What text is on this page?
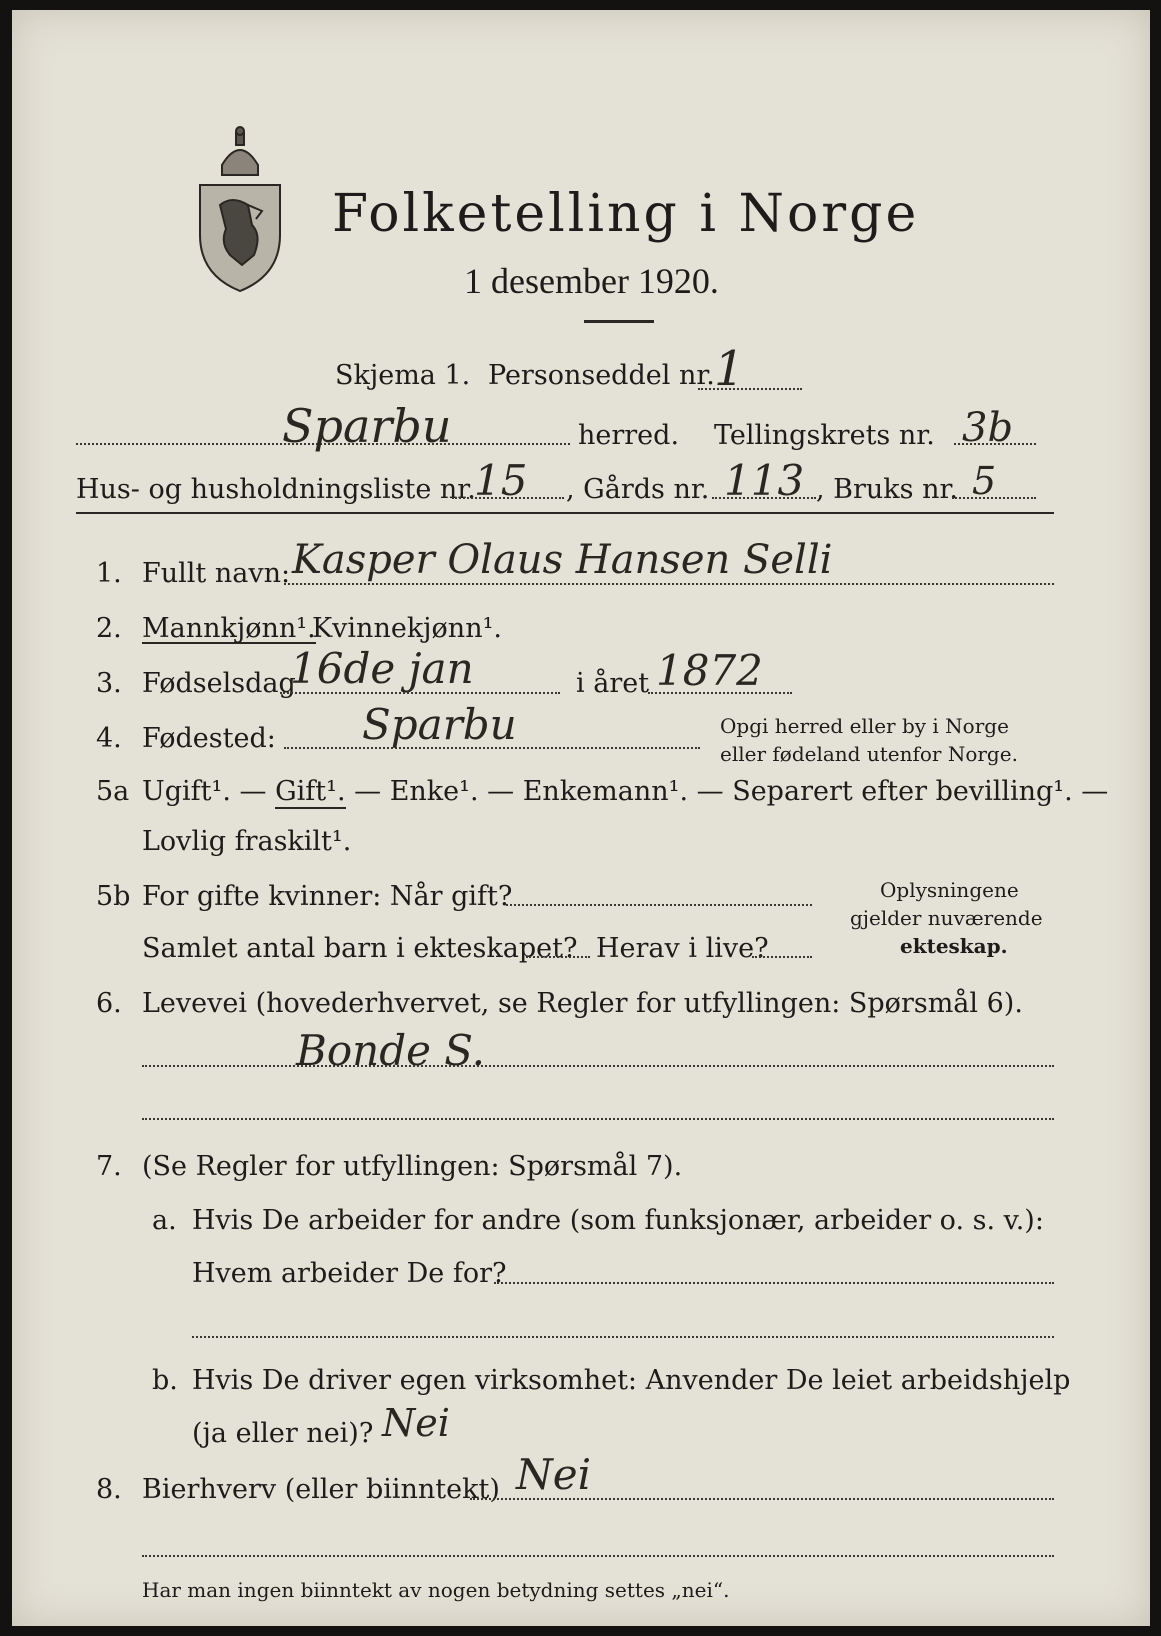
Folketelling i Norge
1 desember 1920.
Skjema 1. Personseddel nr. 1
Sparbu	herred. Tellingskrets nr. 3b
Hus- og husholdningsliste nr.
15 , Gårds nr. 113 , Bruks nr. 5
1. Fullt navn: Kasper Olaus Hansen Selli
2. Mannkjønn¹.
Kvinnekjønn¹.
3. Fødselsdag
16de jan	i året 1872
4. Fødested: Sparbu	Opgi herred eller by i Norge
eller fødeland utenfor Norge.
5a Ugift¹. — Gift¹. — Enke¹. — Enkemann¹. — Separert efter bevilling¹. —
Lovlig fraskilt¹.
5b For gifte kvinner: Når gift?
Samlet antal barn i ekteskapet? Herav i live?
Oplysningene
gjelder nuværende
ekteskap.
6. Levevei (hovederhvervet, se Regler for utfyllingen: Spørsmål 6).
Bonde S.
7. (Se Regler for utfyllingen: Spørsmål 7).
a. Hvis De arbeider for andre (som funksjonær, arbeider o. s. v.):
Hvem arbeider De for?
b. Hvis De driver egen virksomhet: Anvender De leiet arbeidshjelp
(ja eller nei)? Nei
8. Bierhverv (eller biinntekt) Nei
Har man ingen biinntekt av nogen betydning settes „nei“.
